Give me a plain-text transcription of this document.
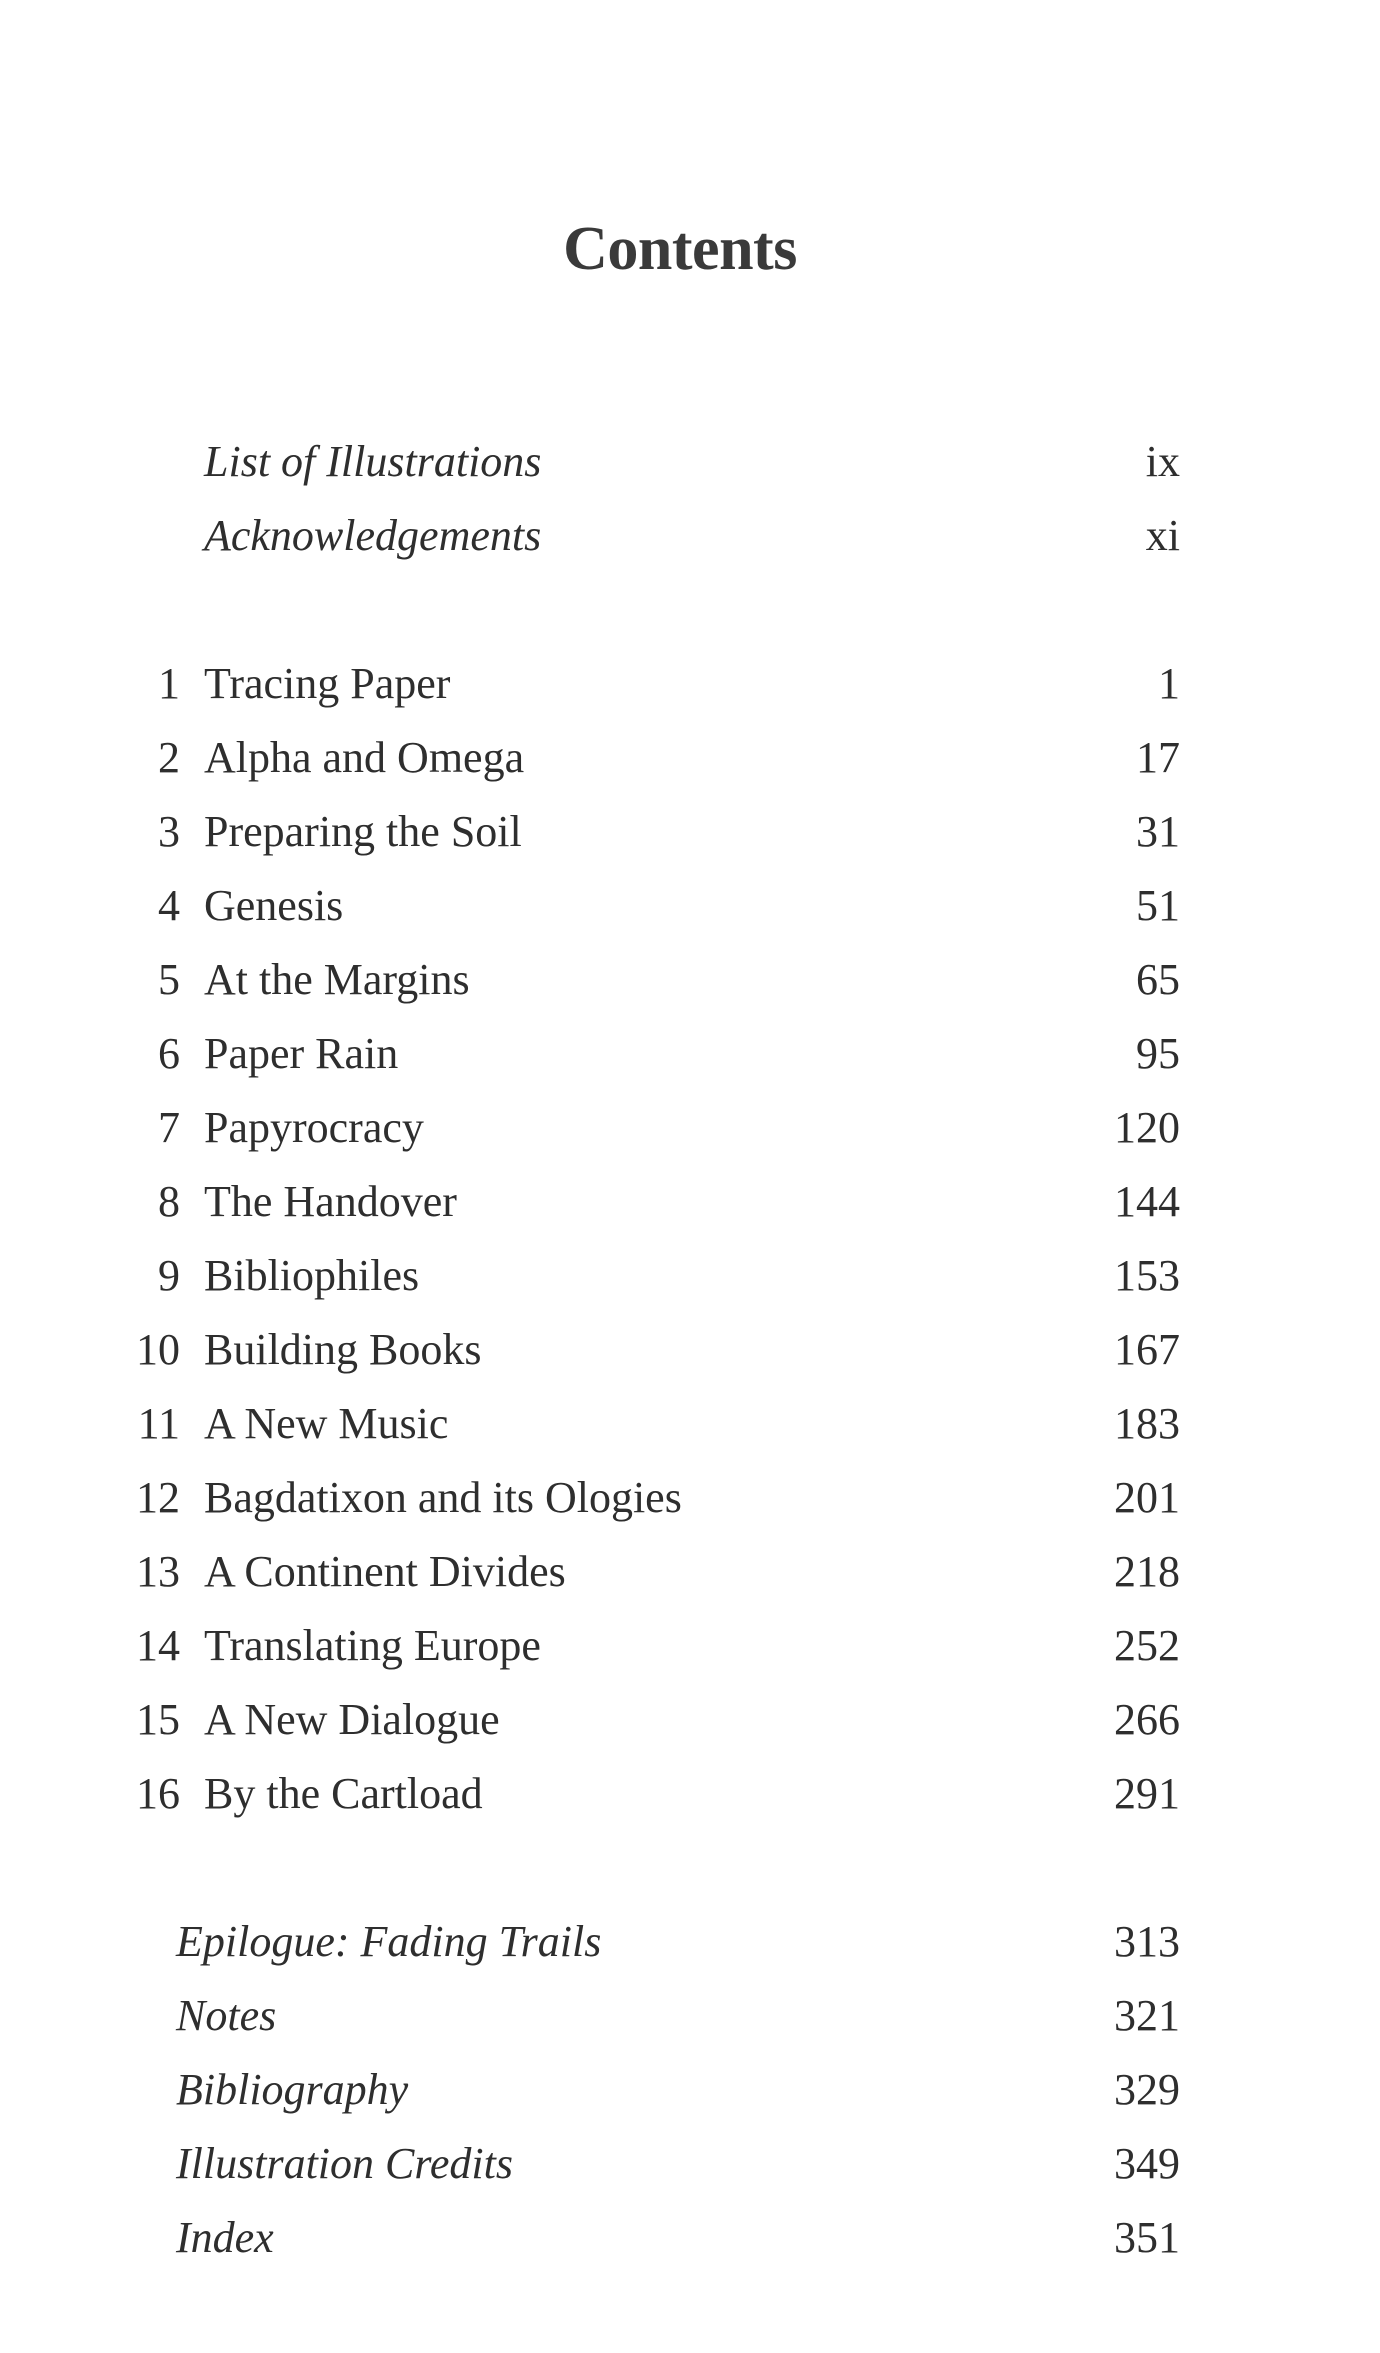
Contents
List of Illustrations	ix
Acknowledgements	xi
1 Tracing Paper	1
2 Alpha and Omega	17
3 Preparing the Soil	31
4 Genesis	51
5 At the Margins	65
6 Paper Rain	95
7 Papyrocracy	120
8 The Handover	144
9 Bibliophiles	153
10 Building Books	167
11 A New Music	183
12 Bagdatixon and its Ologies	201
13 A Continent Divides	218
14 Translating Europe	252
15 A New Dialogue	266
16 By the Cartload	291
Epilogue: Fading Trails	313
Notes	321
Bibliography	329
Illustration Credits	349
Index	351
